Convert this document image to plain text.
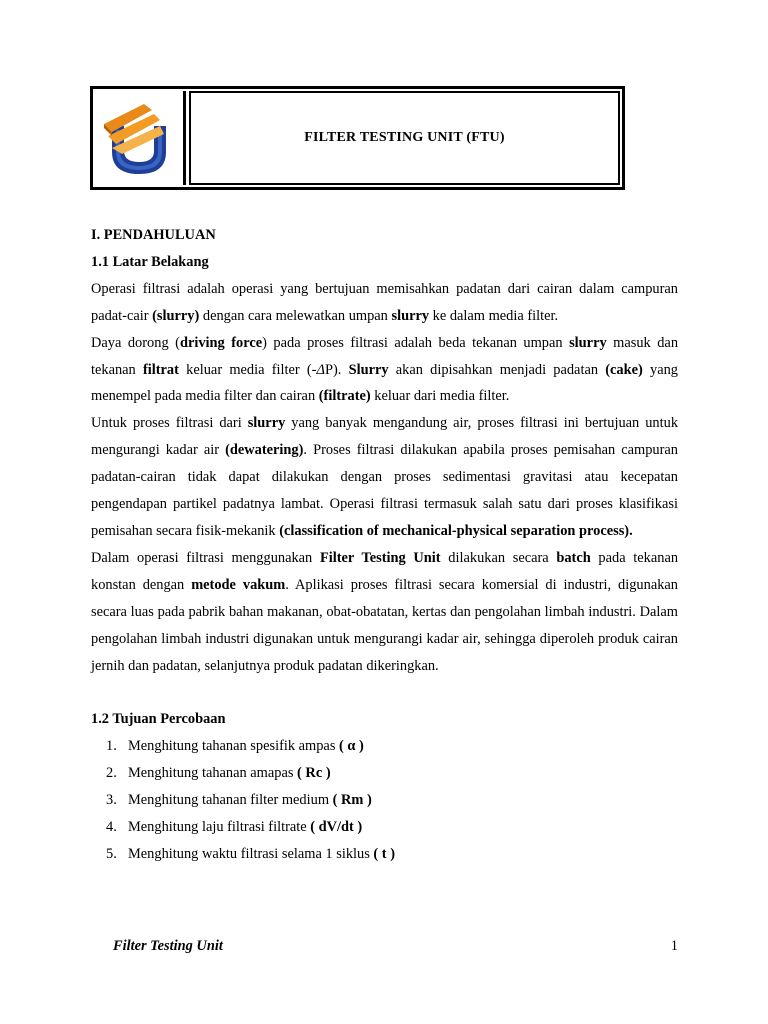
FILTER TESTING UNIT (FTU)
I. PENDAHULUAN
1.1 Latar Belakang

Operasi filtrasi adalah operasi yang bertujuan memisahkan padatan dari cairan dalam campuran padat-cair (slurry) dengan cara melewatkan umpan slurry ke dalam media filter.

Daya dorong (driving force) pada proses filtrasi adalah beda tekanan umpan slurry masuk dan tekanan filtrat keluar media filter (-ΔP). Slurry akan dipisahkan menjadi padatan (cake) yang menempel pada media filter dan cairan (filtrate) keluar dari media filter.

Untuk proses filtrasi dari slurry yang banyak mengandung air, proses filtrasi ini bertujuan untuk mengurangi kadar air (dewatering). Proses filtrasi dilakukan apabila proses pemisahan campuran padatan-cairan tidak dapat dilakukan dengan proses sedimentasi gravitasi atau kecepatan pengendapan partikel padatnya lambat. Operasi filtrasi termasuk salah satu dari proses klasifikasi pemisahan secara fisik-mekanik (classification of mechanical-physical separation process).

Dalam operasi filtrasi menggunakan Filter Testing Unit dilakukan secara batch pada tekanan konstan dengan metode vakum. Aplikasi proses filtrasi secara komersial di industri, digunakan secara luas pada pabrik bahan makanan, obat-obatatan, kertas dan pengolahan limbah industri. Dalam pengolahan limbah industri digunakan untuk mengurangi kadar air, sehingga diperoleh produk cairan jernih dan padatan, selanjutnya produk padatan dikeringkan.

1.2 Tujuan Percobaan
1. Menghitung tahanan spesifik ampas ( α )
2. Menghitung tahanan amapas ( Rc )
3. Menghitung tahanan filter medium ( Rm )
4. Menghitung laju filtrasi filtrate ( dV/dt )
5. Menghitung waktu filtrasi selama 1 siklus ( t )
Filter Testing Unit	1
